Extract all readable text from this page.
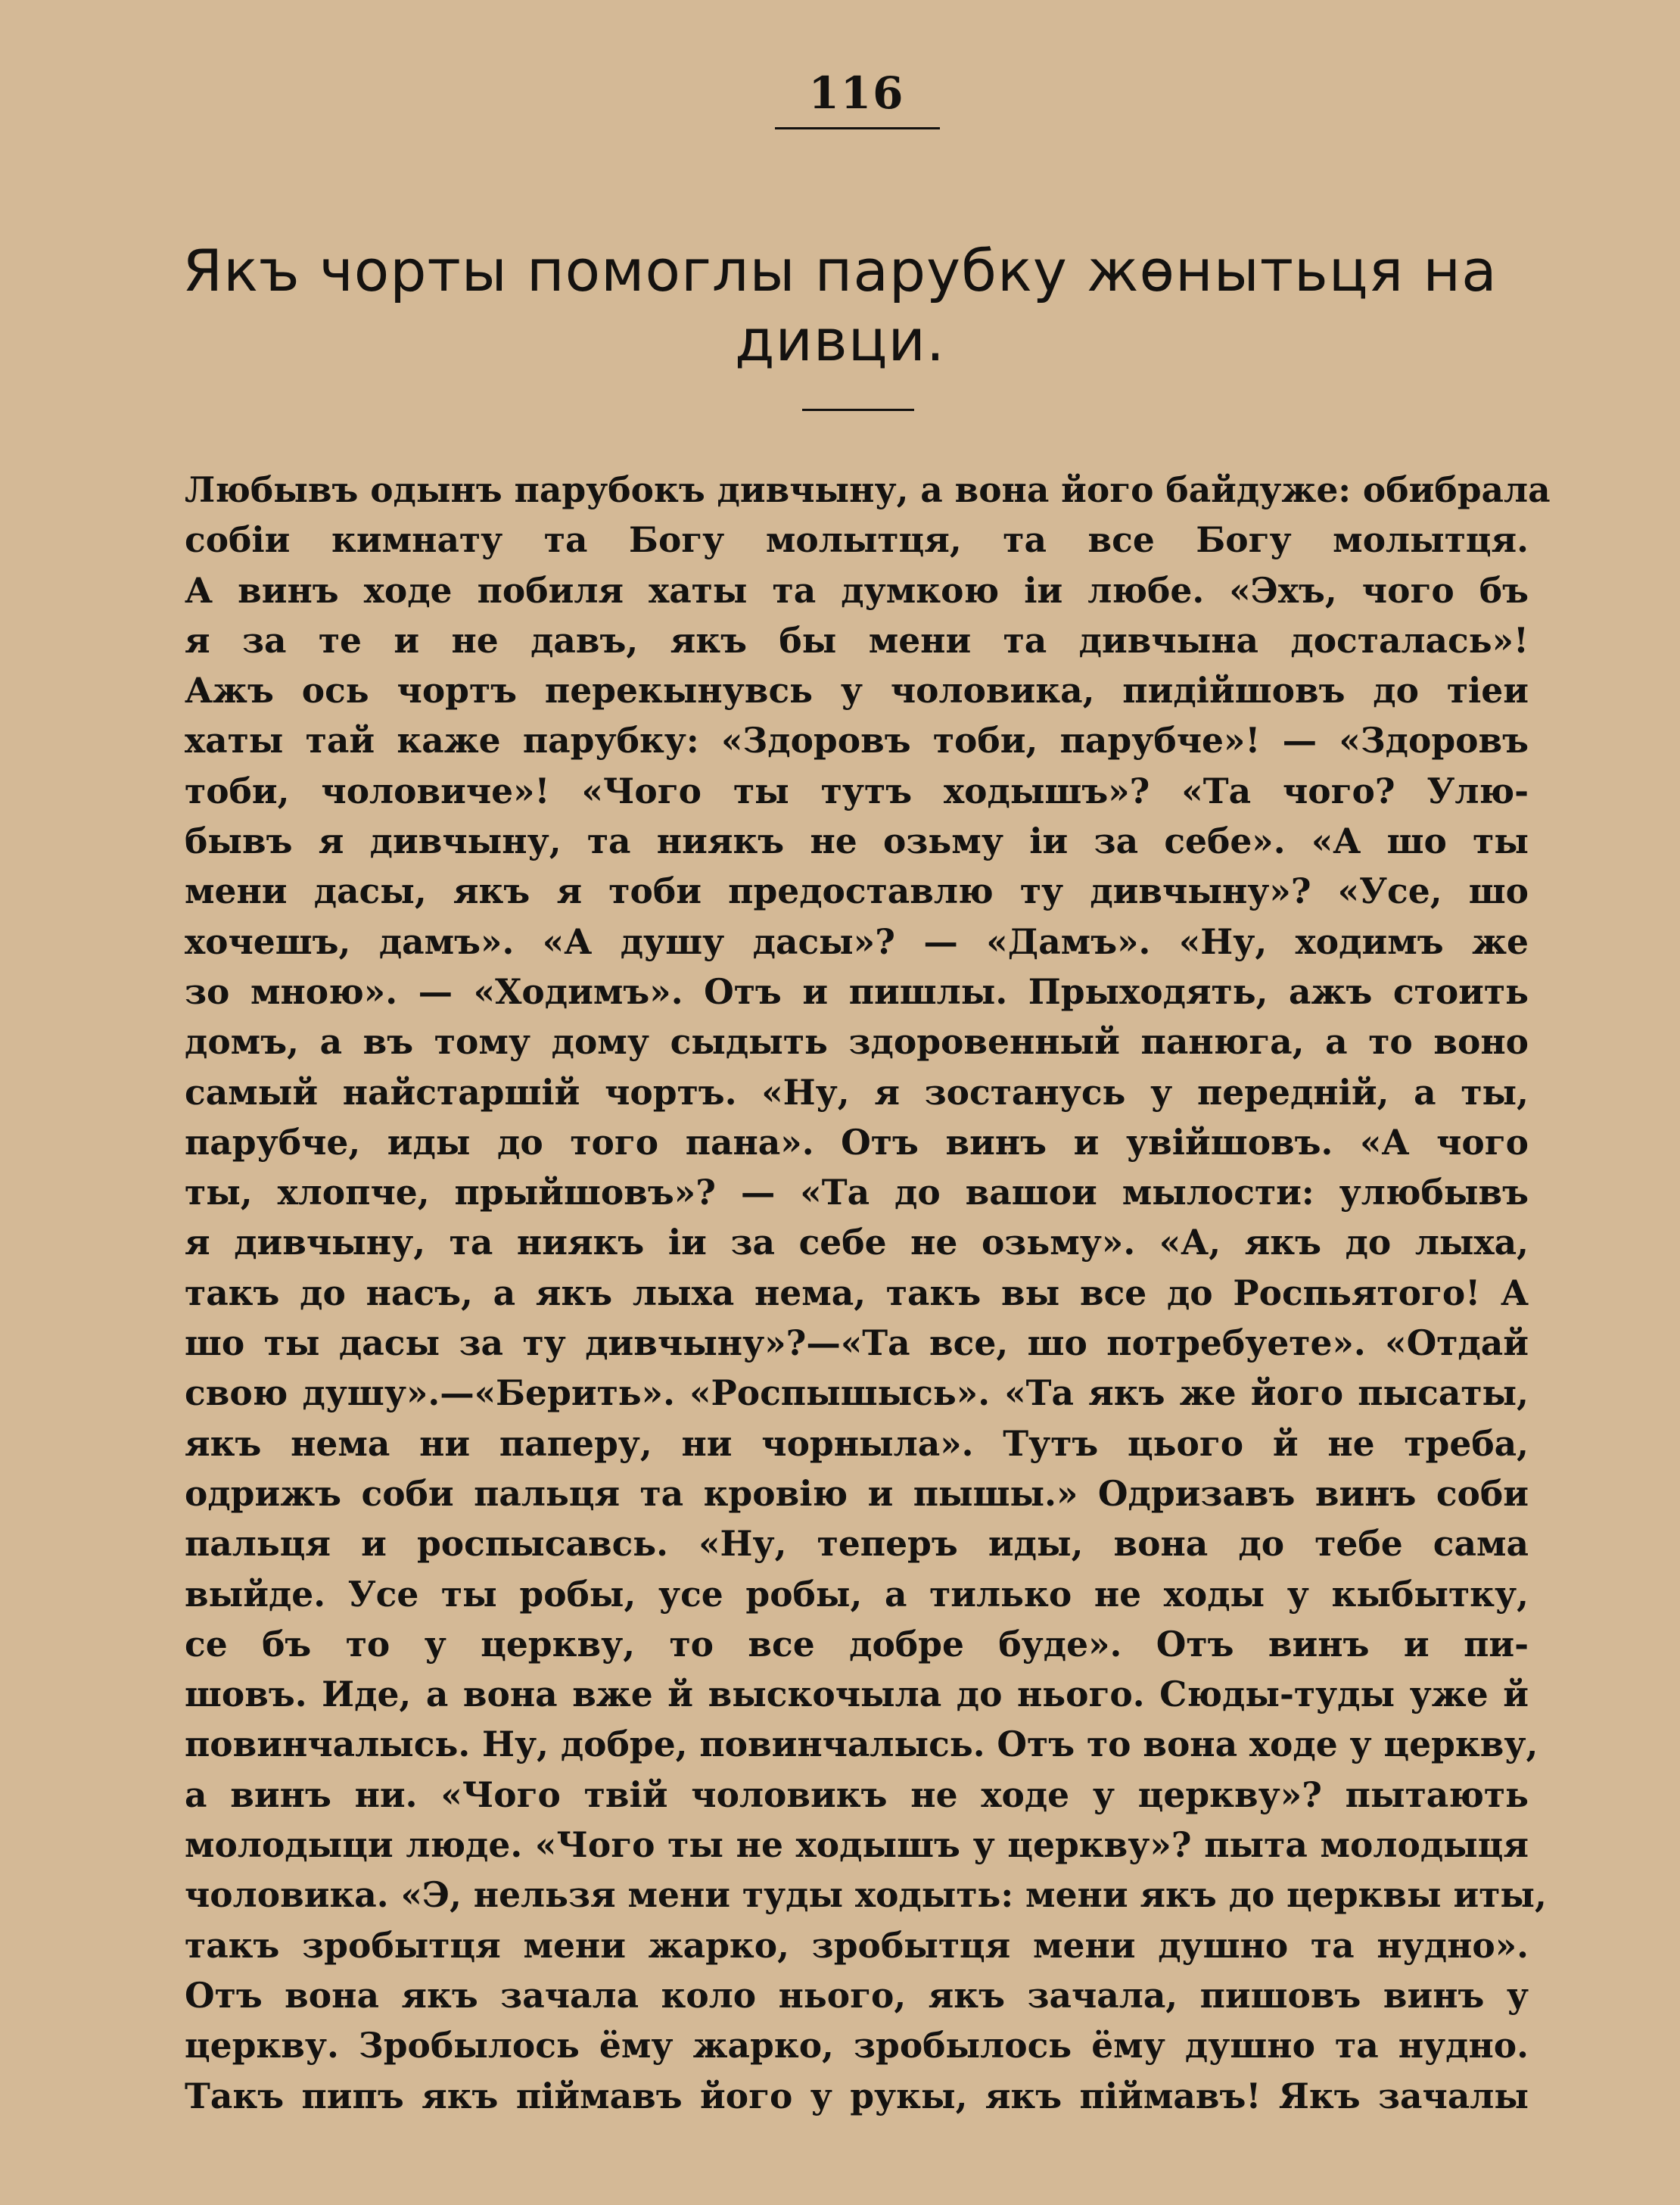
116
Якъ чорты помоглы парубку жөнытьця на
дивци.
Любывъ одынъ парубокъ дивчыну, а вона його байдуже: обибрала
собіи кимнату та Богу молытця, та все Богу молытця.
А винъ ходе побиля хаты та думкою іи любе. «Эхъ, чого бъ
я за те и не давъ, якъ бы мени та дивчына досталась»!
Ажъ ось чортъ перекынувсь у чоловика, пидійшовъ до тіеи
хаты тай каже парубку: «Здоровъ тоби, парубче»! — «Здоровъ
тоби, чоловиче»! «Чого ты тутъ ходышъ»? «Та чого? Улю-
бывъ я дивчыну, та ниякъ не озьму іи за себе». «А шо ты
мени дасы, якъ я тоби предоставлю ту дивчыну»? «Усе, шо
хочешъ, дамъ». «А душу дасы»? — «Дамъ». «Ну, ходимъ же
зо мною». — «Ходимъ». Отъ и пишлы. Прыходять, ажъ стоить
домъ, а въ тому дому сыдыть здоровенный панюга, а то воно
самый найстаршій чортъ. «Ну, я зостанусь у передній, а ты,
парубче, иды до того пана». Отъ винъ и увійшовъ. «А чого
ты, хлопче, прыйшовъ»? — «Та до вашои мылости: улюбывъ
я дивчыну, та ниякъ іи за себе не озьму». «А, якъ до лыха,
такъ до насъ, а якъ лыха нема, такъ вы все до Роспьятого! А
шо ты дасы за ту дивчыну»?—«Та все, шо потребуете». «Отдай
свою душу».—«Берить». «Роспышысь». «Та якъ же його пысаты,
якъ нема ни паперу, ни чорныла». Тутъ цього й не треба,
одрижъ соби пальця та кровію и пышы.» Одризавъ винъ соби
пальця и роспысавсь. «Ну, теперъ иды, вона до тебе сама
выйде. Усе ты робы, усе робы, а тилько не ходы у кыбытку,
се бъ то у церкву, то все добре буде». Отъ винъ и пи-
шовъ. Иде, а вона вже й выскочыла до нього. Сюды-туды уже й
повинчалысь. Ну, добре, повинчалысь. Отъ то вона ходе у церкву,
а винъ ни. «Чого твій чоловикъ не ходе у церкву»? пытають
молодыци люде. «Чого ты не ходышъ у церкву»? пыта молодыця
чоловика. «Э, нельзя мени туды ходыть: мени якъ до церквы иты,
такъ зробытця мени жарко, зробытця мени душно та нудно».
Отъ вона якъ зачала коло нього, якъ зачала, пишовъ винъ у
церкву. Зробылось ёму жарко, зробылось ёму душно та нудно.
Такъ пипъ якъ піймавъ його у рукы, якъ піймавъ! Якъ зачалы
